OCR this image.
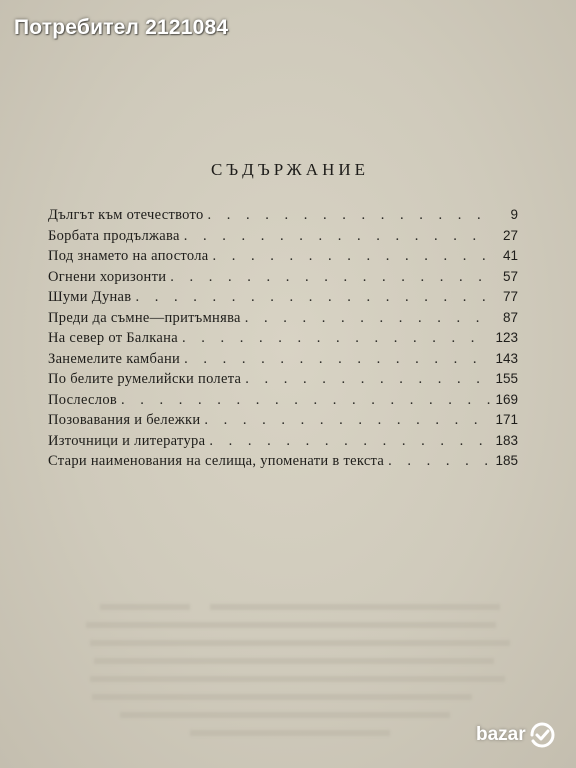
Потребител 2121084
СЪДЪРЖАНИЕ
Дългът към отечеството . . .	9
Борбата продължава . . .	27
Под знамето на апостола . . .	41
Огнени хоризонти . . .	57
Шуми Дунав . . .	77
Преди да съмне—притъмнява . . .	87
На север от Балкана . . .	123
Занемелите камбани . . .	143
По белите румелийски полета . . .	155
Послеслов . . .	169
Позовавания и бележки . . .	171
Източници и литература . . .	183
Стари наименования на селища, упоменати в текста . . .	185
bazar
